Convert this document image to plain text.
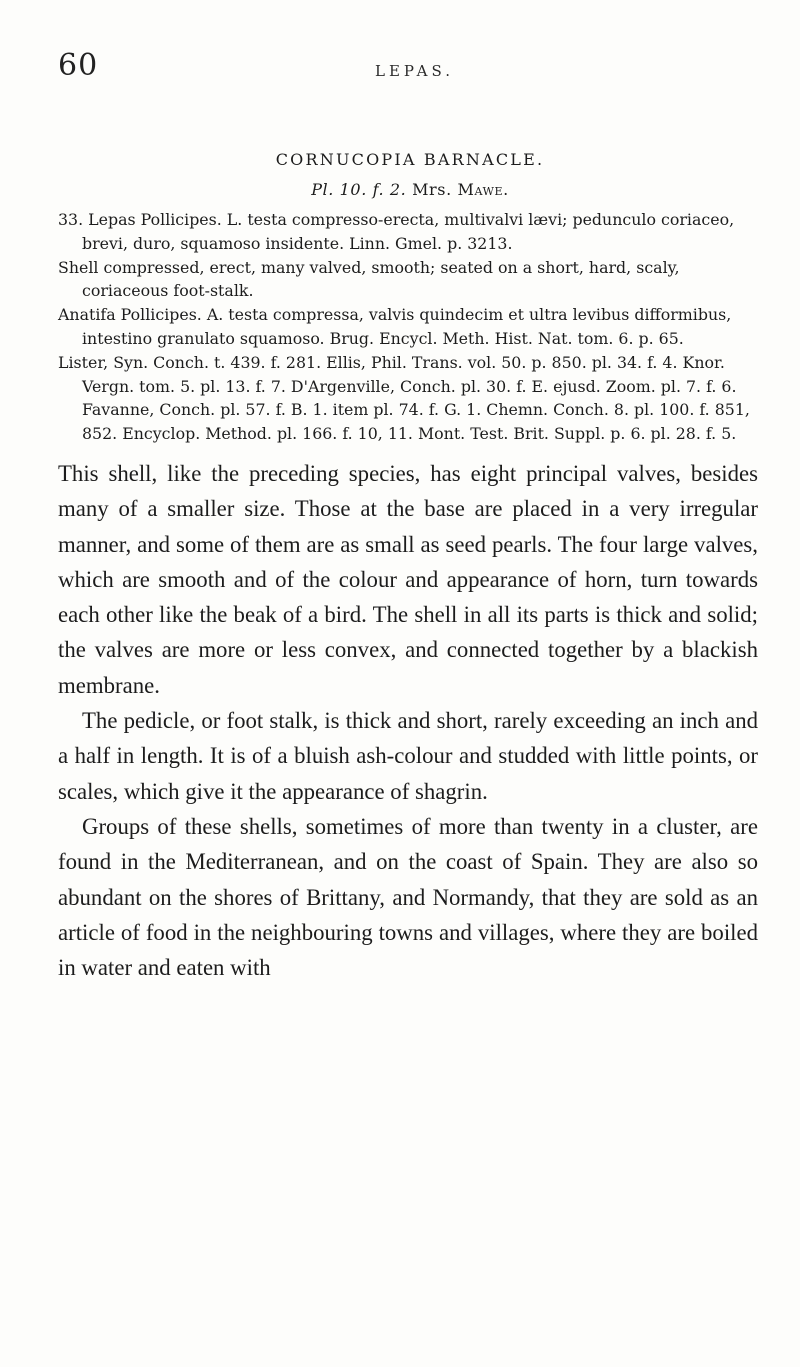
60	LEPAS.
CORNUCOPIA BARNACLE.
Pl. 10. f. 2. Mrs. Mawe.

33. Lepas Pollicipes. L. testa compresso-erecta, multivalvi lævi; pedunculo coriaceo, brevi, duro, squamoso insidente. Linn. Gmel. p. 3213.

Shell compressed, erect, many valved, smooth; seated on a short, hard, scaly, coriaceous foot-stalk.

Anatifa Pollicipes. A. testa compressa, valvis quindecim et ultra levibus difformibus, intestino granulato squamoso. Brug. Encycl. Meth. Hist. Nat. tom. 6. p. 65.

Lister, Syn. Conch. t. 439. f. 281. Ellis, Phil. Trans. vol. 50. p. 850. pl. 34. f. 4. Knor. Vergn. tom. 5. pl. 13. f. 7. D'Argenville, Conch. pl. 30. f. E. ejusd. Zoom. pl. 7. f. 6. Favanne, Conch. pl. 57. f. B. 1. item pl. 74. f. G. 1. Chemn. Conch. 8. pl. 100. f. 851, 852. Encyclop. Method. pl. 166. f. 10, 11. Mont. Test. Brit. Suppl. p. 6. pl. 28. f. 5.

This shell, like the preceding species, has eight principal valves, besides many of a smaller size. Those at the base are placed in a very irregular manner, and some of them are as small as seed pearls. The four large valves, which are smooth and of the colour and appearance of horn, turn towards each other like the beak of a bird. The shell in all its parts is thick and solid; the valves are more or less convex, and connected together by a blackish membrane.

The pedicle, or foot stalk, is thick and short, rarely exceeding an inch and a half in length. It is of a bluish ash-colour and studded with little points, or scales, which give it the appearance of shagrin.

Groups of these shells, sometimes of more than twenty in a cluster, are found in the Mediterranean, and on the coast of Spain. They are also so abundant on the shores of Brittany, and Normandy, that they are sold as an article of food in the neighbouring towns and villages, where they are boiled in water and eaten with
